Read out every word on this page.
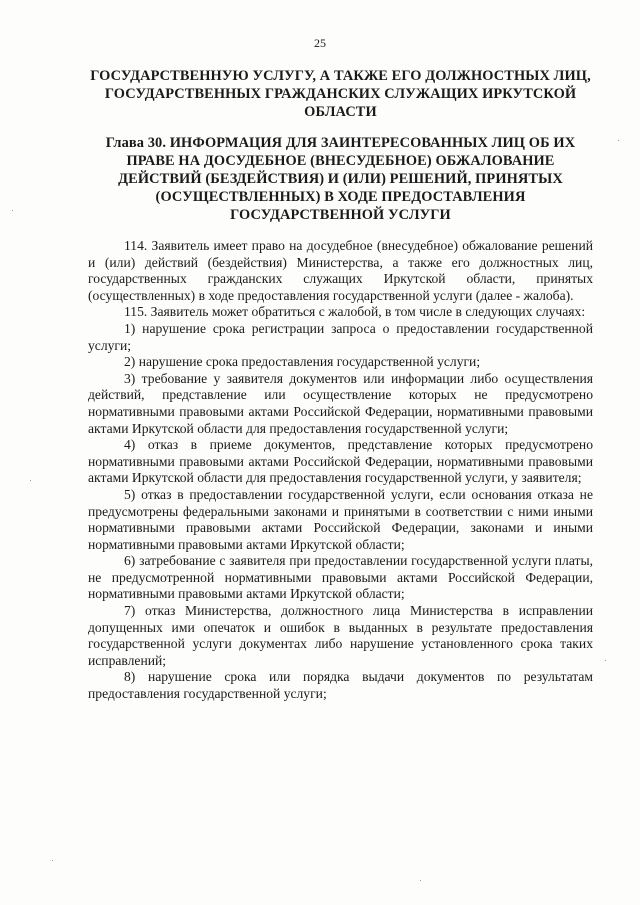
25
ГОСУДАРСТВЕННУЮ УСЛУГУ, А ТАКЖЕ ЕГО ДОЛЖНОСТНЫХ ЛИЦ, ГОСУДАРСТВЕННЫХ ГРАЖДАНСКИХ СЛУЖАЩИХ ИРКУТСКОЙ ОБЛАСТИ
Глава 30. ИНФОРМАЦИЯ ДЛЯ ЗАИНТЕРЕСОВАННЫХ ЛИЦ ОБ ИХ ПРАВЕ НА ДОСУДЕБНОЕ (ВНЕСУДЕБНОЕ) ОБЖАЛОВАНИЕ ДЕЙСТВИЙ (БЕЗДЕЙСТВИЯ) И (ИЛИ) РЕШЕНИЙ, ПРИНЯТЫХ (ОСУЩЕСТВЛЕННЫХ) В ХОДЕ ПРЕДОСТАВЛЕНИЯ ГОСУДАРСТВЕННОЙ УСЛУГИ

114. Заявитель имеет право на досудебное (внесудебное) обжалование решений и (или) действий (бездействия) Министерства, а также его должностных лиц, государственных гражданских служащих Иркутской области, принятых (осуществленных) в ходе предоставления государственной услуги (далее - жалоба).

115. Заявитель может обратиться с жалобой, в том числе в следующих случаях:

1) нарушение срока регистрации запроса о предоставлении государственной услуги;

2) нарушение срока предоставления государственной услуги;

3) требование у заявителя документов или информации либо осуществления действий, представление или осуществление которых не предусмотрено нормативными правовыми актами Российской Федерации, нормативными правовыми актами Иркутской области для предоставления государственной услуги;

4) отказ в приеме документов, представление которых предусмотрено нормативными правовыми актами Российской Федерации, нормативными правовыми актами Иркутской области для предоставления государственной услуги, у заявителя;

5) отказ в предоставлении государственной услуги, если основания отказа не предусмотрены федеральными законами и принятыми в соответствии с ними иными нормативными правовыми актами Российской Федерации, законами и иными нормативными правовыми актами Иркутской области;

6) затребование с заявителя при предоставлении государственной услуги платы, не предусмотренной нормативными правовыми актами Российской Федерации, нормативными правовыми актами Иркутской области;

7) отказ Министерства, должностного лица Министерства в исправлении допущенных ими опечаток и ошибок в выданных в результате предоставления государственной услуги документах либо нарушение установленного срока таких исправлений;

8) нарушение срока или порядка выдачи документов по результатам предоставления государственной услуги;
